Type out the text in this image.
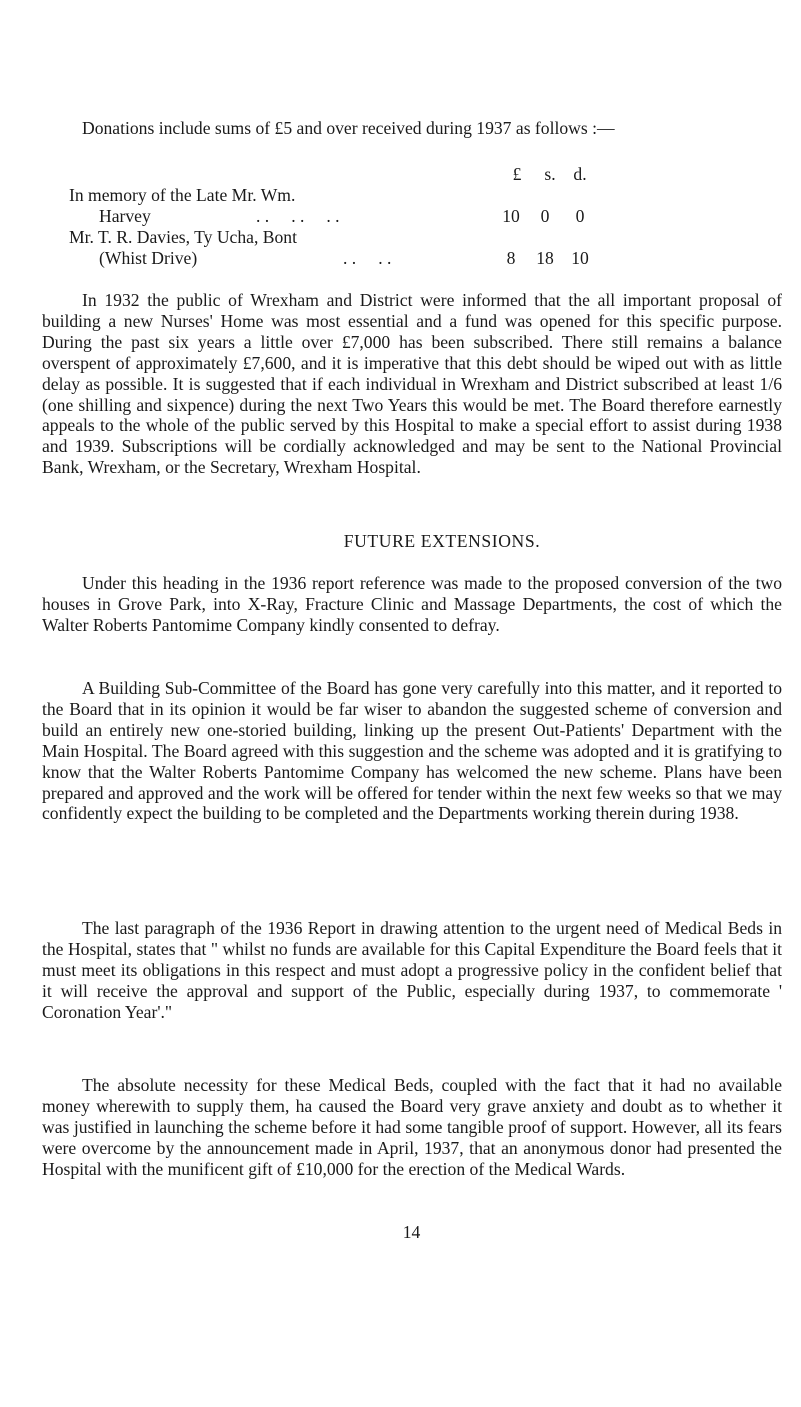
Donations include sums of £5 and over received during 1937 as follows :—

£	s.	d.
In memory of the Late Mr. Wm.
Harvey	. .     . .     . .	10	0	0
Mr. T. R. Davies, Ty Ucha, Bont
(Whist Drive)	. .     . .	8	18 10

In 1932 the public of Wrexham and District were informed that the all important proposal of building a new Nurses' Home was most essential and a fund was opened for this specific purpose. During the past six years a little over £7,000 has been subscribed. There still remains a balance overspent of approximately £7,600, and it is imperative that this debt should be wiped out with as little delay as possible. It is suggested that if each individual in Wrexham and District subscribed at least 1/6 (one shilling and sixpence) during the next Two Years this would be met. The Board therefore earnestly appeals to the whole of the public served by this Hospital to make a special effort to assist during 1938 and 1939. Subscriptions will be cordially acknowledged and may be sent to the National Provincial Bank, Wrexham, or the Secretary, Wrexham Hospital.

FUTURE EXTENSIONS.

Under this heading in the 1936 report reference was made to the proposed conversion of the two houses in Grove Park, into X-Ray, Fracture Clinic and Massage Departments, the cost of which the Walter Roberts Pantomime Company kindly consented to defray.

A Building Sub-Committee of the Board has gone very carefully into this matter, and it reported to the Board that in its opinion it would be far wiser to abandon the suggested scheme of conversion and build an entirely new one-storied building, linking up the present Out-Patients' Department with the Main Hospital. The Board agreed with this suggestion and the scheme was adopted and it is gratifying to know that the Walter Roberts Pantomime Company has welcomed the new scheme. Plans have been prepared and approved and the work will be offered for tender within the next few weeks so that we may confidently expect the building to be completed and the Departments working therein during 1938.

The last paragraph of the 1936 Report in drawing attention to the urgent need of Medical Beds in the Hospital, states that " whilst no funds are available for this Capital Expenditure the Board feels that it must meet its obligations in this respect and must adopt a progressive policy in the confident belief that it will receive the approval and support of the Public, especially during 1937, to commemorate ' Coronation Year'."

The absolute necessity for these Medical Beds, coupled with the fact that it had no available money wherewith to supply them, ha caused the Board very grave anxiety and doubt as to whether it was justified in launching the scheme before it had some tangible proof of support. However, all its fears were overcome by the announcement made in April, 1937, that an anonymous donor had presented the Hospital with the munificent gift of £10,000 for the erection of the Medical Wards.

14
